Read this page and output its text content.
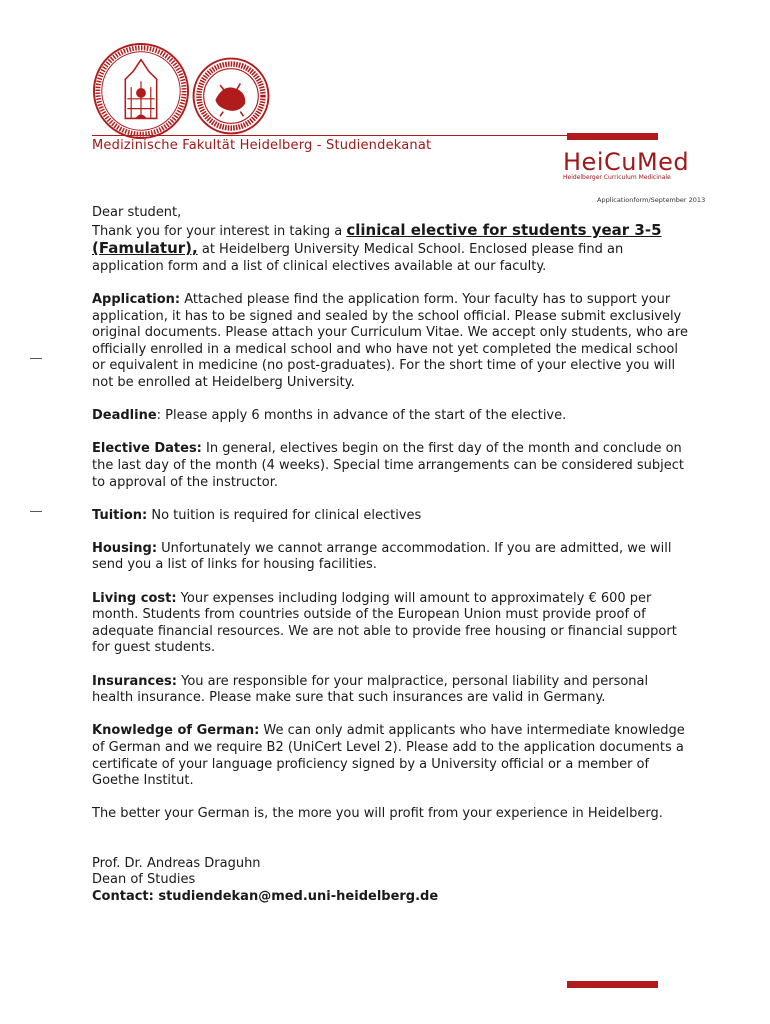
Medizinische Fakultät Heidelberg - Studiendekanat
HeiCuMed
Heidelberger Curriculum Medicinale
Applicationform/September 2013
Dear student,

Thank you for your interest in taking a clinical elective for students year 3-5 (Famulatur), at Heidelberg University Medical School. Enclosed please find an application form and a list of clinical electives available at our faculty.

Application: Attached please find the application form. Your faculty has to support your application, it has to be signed and sealed by the school official. Please submit exclusively original documents. Please attach your Curriculum Vitae. We accept only students, who are officially enrolled in a medical school and who have not yet completed the medical school or equivalent in medicine (no post-graduates). For the short time of your elective you will not be enrolled at Heidelberg University.

Deadline: Please apply 6 months in advance of the start of the elective.

Elective Dates: In general, electives begin on the first day of the month and conclude on the last day of the month (4 weeks). Special time arrangements can be considered subject to approval of the instructor.

Tuition: No tuition is required for clinical electives

Housing: Unfortunately we cannot arrange accommodation. If you are admitted, we will send you a list of links for housing facilities.

Living cost: Your expenses including lodging will amount to approximately € 600 per month. Students from countries outside of the European Union must provide proof of adequate financial resources. We are not able to provide free housing or financial support for guest students.

Insurances: You are responsible for your malpractice, personal liability and personal health insurance. Please make sure that such insurances are valid in Germany.

Knowledge of German: We can only admit applicants who have intermediate knowledge of German and we require B2 (UniCert Level 2). Please add to the application documents a certificate of your language proficiency signed by a University official or a member of Goethe Institut.

The better your German is, the more you will profit from your experience in Heidelberg.

Prof. Dr. Andreas Draguhn

Dean of Studies

Contact: studiendekan@med.uni-heidelberg.de
